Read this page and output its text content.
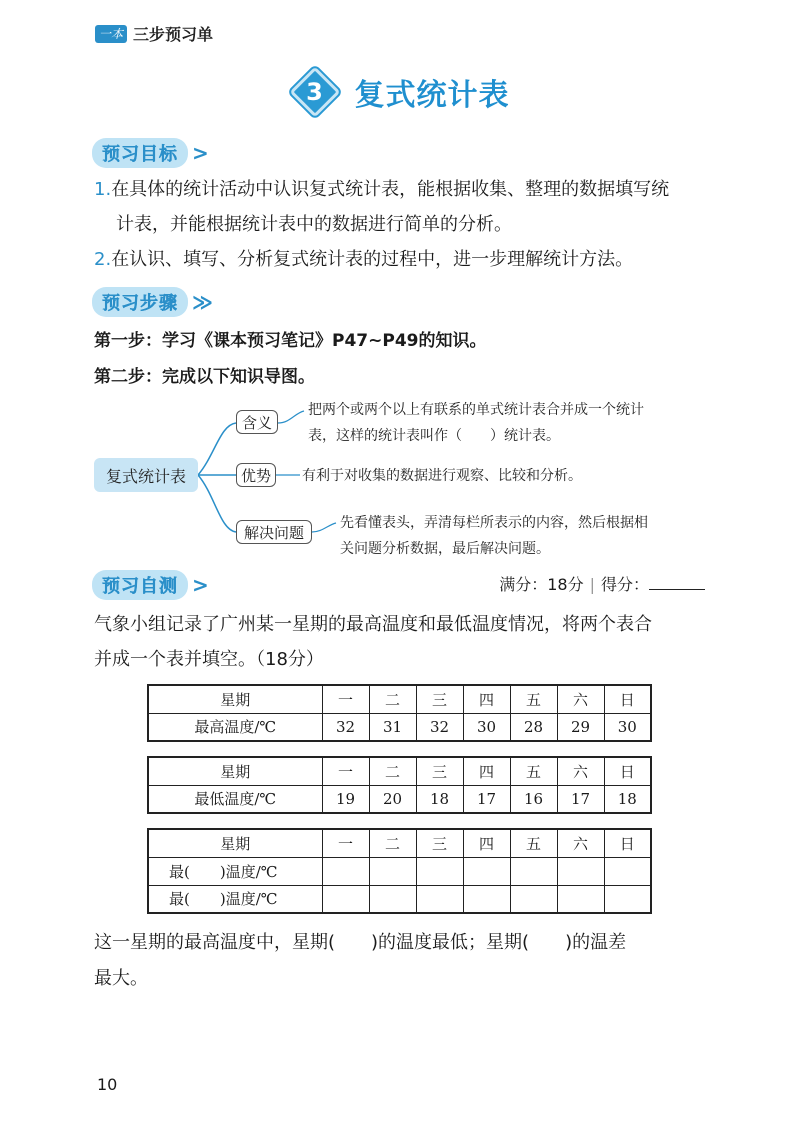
一本 三步预习单
3	复式统计表
预习目标 >
1.在具体的统计活动中认识复式统计表，能根据收集、整理的数据填写统
计表，并能根据统计表中的数据进行简单的分析。
2.在认识、填写、分析复式统计表的过程中，进一步理解统计方法。
预习步骤 ≫
第一步：学习《课本预习笔记》P47~P49的知识。
第二步：完成以下知识导图。
复式统计表
含义
把两个或两个以上有联系的单式统计表合并成一个统计
表，这样的统计表叫作（　　）统计表。
优势	有利于对收集的数据进行观察、比较和分析。
解决问题
先看懂表头，弄清每栏所表示的内容，然后根据相
关问题分析数据，最后解决问题。
预习自测 >	满分：18分 | 得分：
气象小组记录了广州某一星期的最高温度和最低温度情况，将两个表合
并成一个表并填空。（18分）
星期	一	二	三	四	五	六	日
最高温度/℃	32	31	32	30	28	29	30
星期	一	二	三	四	五	六	日
最低温度/℃	19	20	18	17	16	17	18
星期	一	二	三	四	五	六	日
最(　　)温度/℃							
最(　　)温度/℃							
这一星期的最高温度中，星期(　　)的温度最低；星期(　　)的温差
最大。
10
